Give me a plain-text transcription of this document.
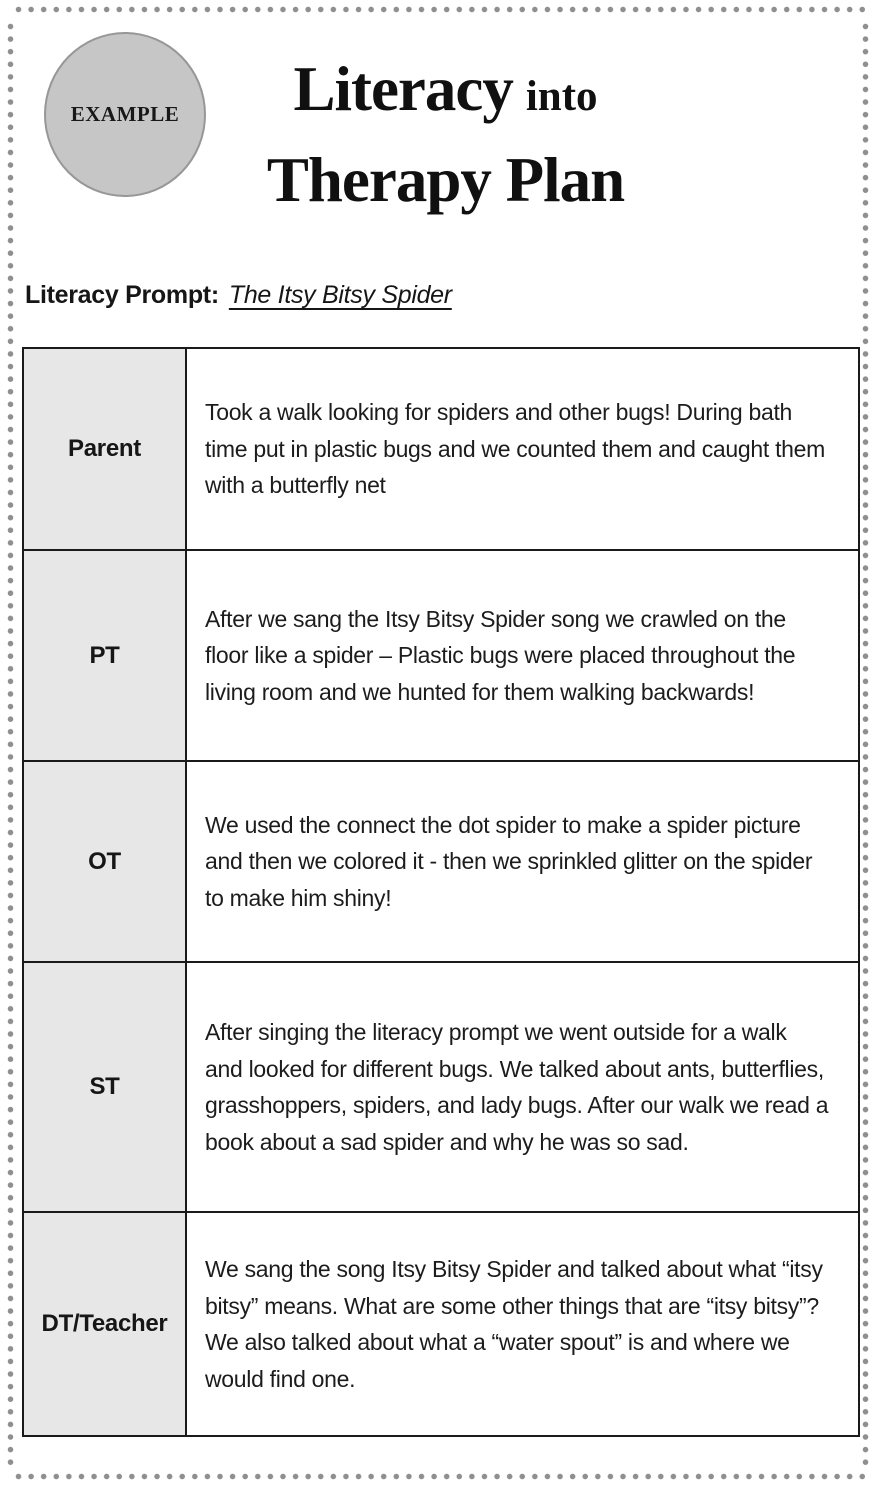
EXAMPLE	Literacy into
Therapy Plan
Literacy Prompt: The Itsy Bitsy Spider
Parent

Took a walk looking for spiders and other bugs! During bath time put in plastic bugs and we counted them and caught them with a butterfly net

PT

After we sang the Itsy Bitsy Spider song we crawled on the floor like a spider – Plastic bugs were placed throughout the living room and we hunted for them walking backwards!

OT

We used the connect the dot spider to make a spider picture and then we colored it - then we sprinkled glitter on the spider to make him shiny!

ST

After singing the literacy prompt we went outside for a walk and looked for different bugs. We talked about ants, butterflies, grasshoppers, spiders, and lady bugs. After our walk we read a book about a sad spider and why he was so sad.

DT/Teacher

We sang the song Itsy Bitsy Spider and talked about what “itsy bitsy” means. What are some other things that are “itsy bitsy”? We also talked about what a “water spout” is and where we would find one.
